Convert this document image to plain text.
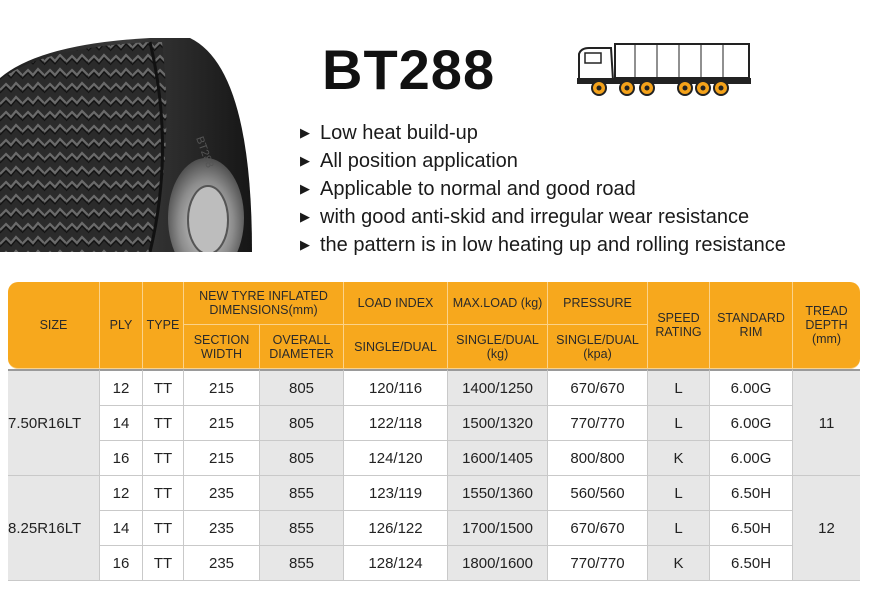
BT288
BT288
▶ Low heat build-up
▶ All position application
▶ Applicable to normal and good road
▶ with good anti-skid and irregular wear resistance
▶ the pattern is in low heating up and rolling resistance
SIZE	PLY	TYPE	NEW TYRE INFLATED DIMENSIONS(mm)		LOAD INDEX	MAX.LOAD (kg)	PRESSURE	SPEED RATING	STANDARD RIM	TREAD DEPTH (mm)
			SECTION WIDTH	OVERALL DIAMETER	SINGLE/DUAL	SINGLE/DUAL (kg)	SINGLE/DUAL (kpa)			
7.50R16LT	12	TT	215	805	120/116	1400/1250	670/670	L	6.00G	11
	14	TT	215	805	122/118	1500/1320	770/770	L	6.00G	
	16	TT	215	805	124/120	1600/1405	800/800	K	6.00G	
8.25R16LT	12	TT	235	855	123/119	1550/1360	560/560	L	6.50H	12
	14	TT	235	855	126/122	1700/1500	670/670	L	6.50H	
	16	TT	235	855	128/124	1800/1600	770/770	K	6.50H	
